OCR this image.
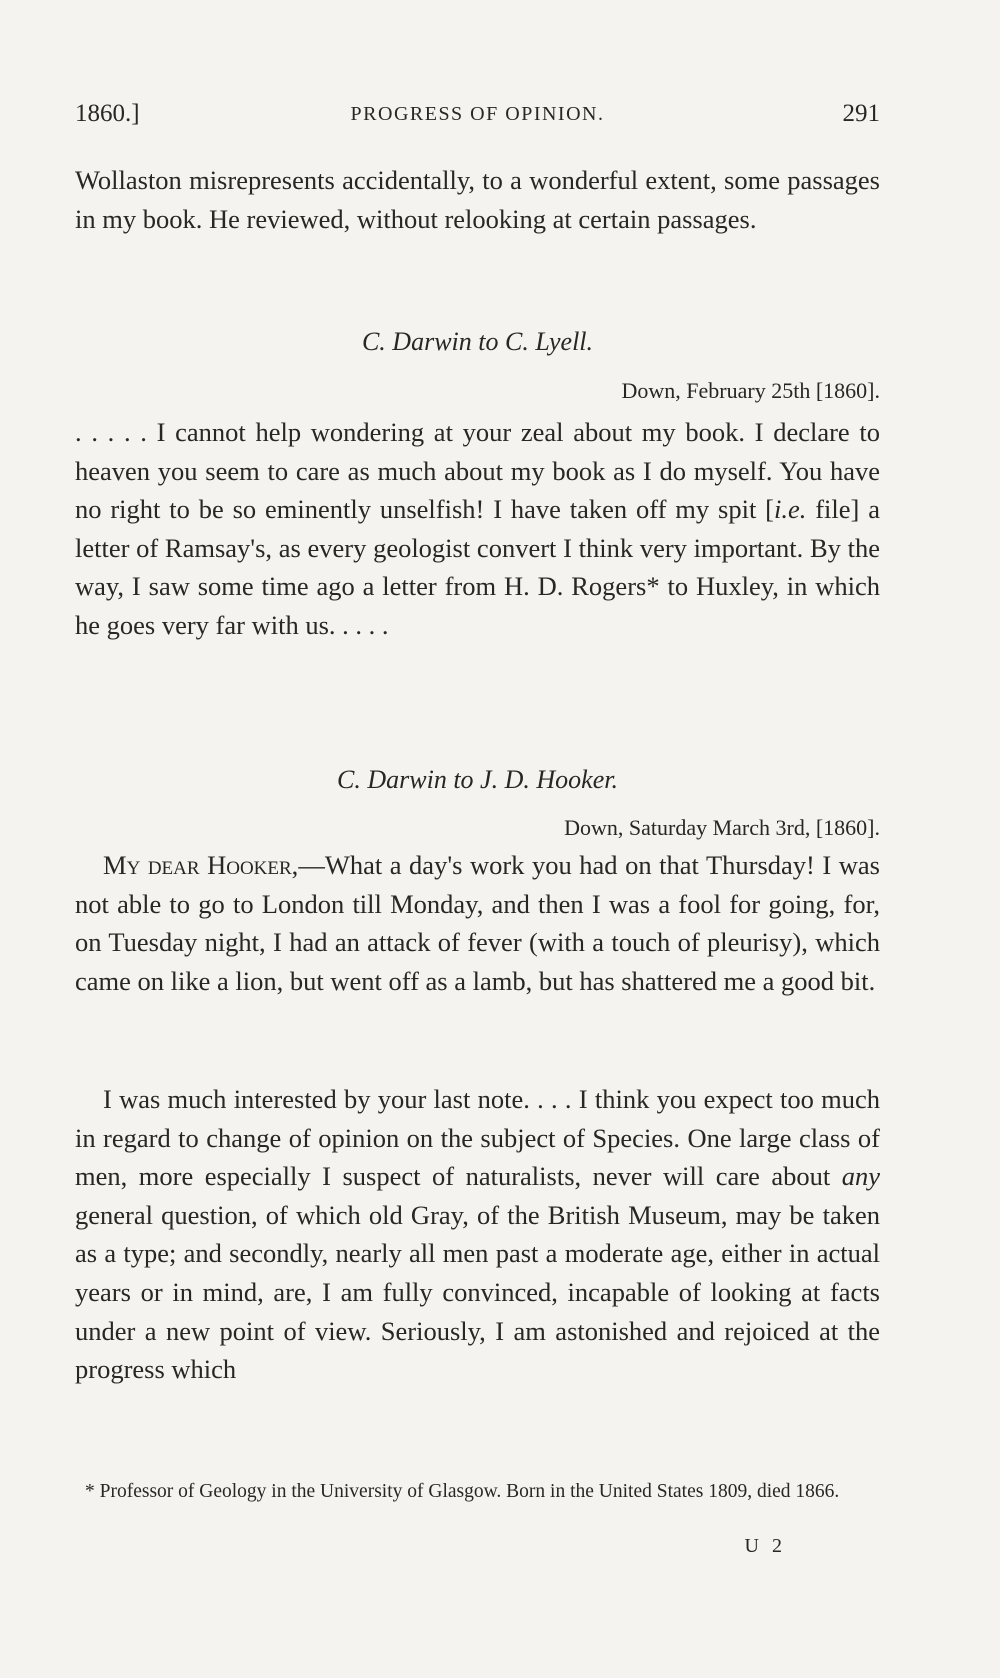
1860.]	PROGRESS OF OPINION.	291

Wollaston misrepresents accidentally, to a wonderful extent, some passages in my book. He reviewed, without relooking at certain passages.

C. Darwin to C. Lyell.
Down, February 25th [1860].

. . . . . I cannot help wondering at your zeal about my book. I declare to heaven you seem to care as much about my book as I do myself. You have no right to be so eminently unselfish! I have taken off my spit [i.e. file] a letter of Ramsay's, as every geologist convert I think very important. By the way, I saw some time ago a letter from H. D. Rogers* to Huxley, in which he goes very far with us. . . . .

C. Darwin to J. D. Hooker.
Down, Saturday March 3rd, [1860].

My dear Hooker,—What a day's work you had on that Thursday! I was not able to go to London till Monday, and then I was a fool for going, for, on Tuesday night, I had an attack of fever (with a touch of pleurisy), which came on like a lion, but went off as a lamb, but has shattered me a good bit.

I was much interested by your last note. . . . I think you expect too much in regard to change of opinion on the subject of Species. One large class of men, more especially I suspect of naturalists, never will care about any general question, of which old Gray, of the British Museum, may be taken as a type; and secondly, nearly all men past a moderate age, either in actual years or in mind, are, I am fully convinced, incapable of looking at facts under a new point of view. Seriously, I am astonished and rejoiced at the progress which

* Professor of Geology in the University of Glasgow. Born in the United States 1809, died 1866.

U 2
